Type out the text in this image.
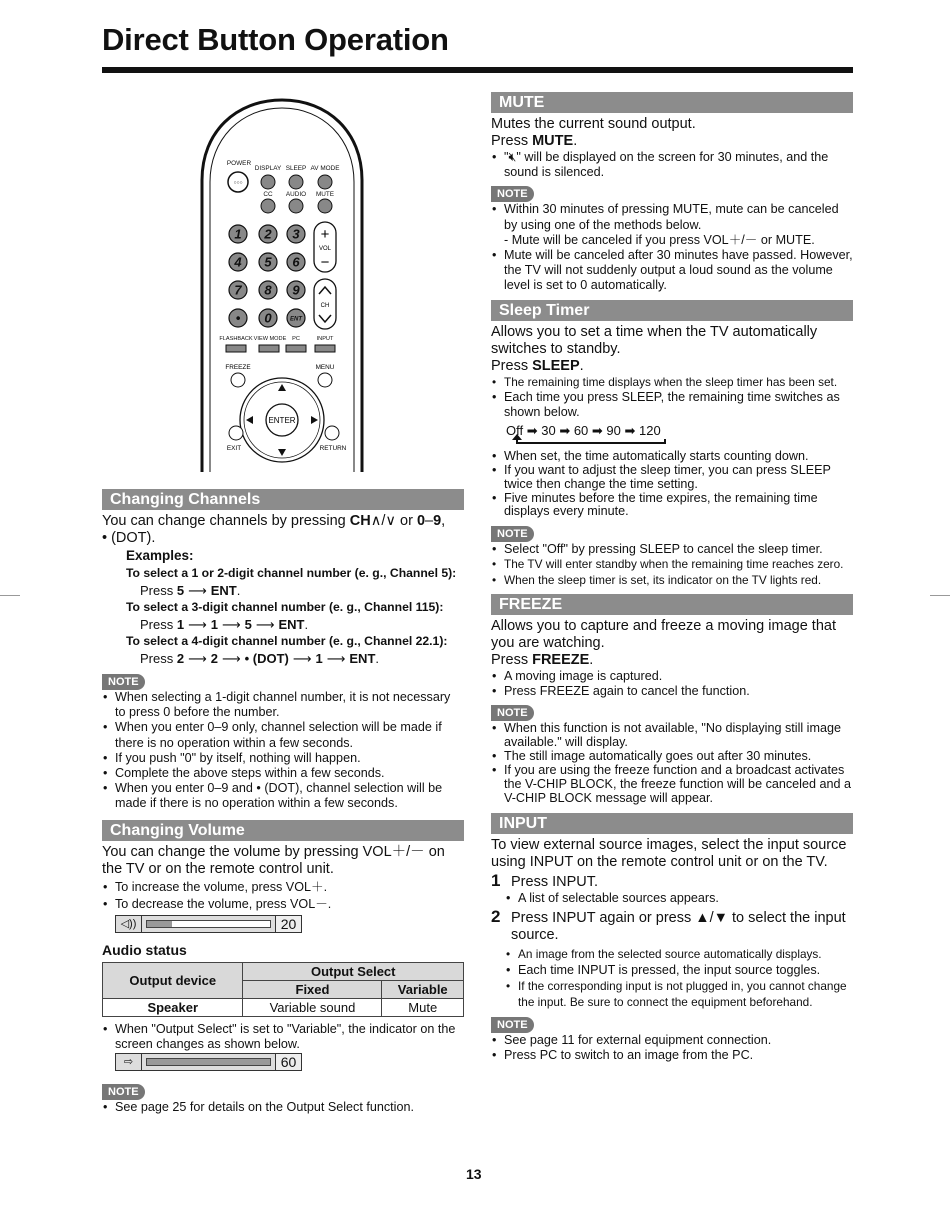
Direct Button Operation
POWER
DISPLAY SLEEP AV MODE
○○○
CC AUDIO MUTE
1 2 3
4 5 6
7 8 9
• 0	ENT
+
VOL
−
CH
FLASHBACK VIEW MODE PC	INPUT
FREEZE	MENU
ENTER
EXIT	RETURN
Changing Channels
You can change channels by pressing CH∧/∨ or 0–9,
• (DOT).
Examples:
To select a 1 or 2-digit channel number (e. g., Channel 5):
Press 5 ⟶ ENT.
To select a 3-digit channel number (e. g., Channel 115):
Press 1 ⟶ 1 ⟶ 5 ⟶ ENT.
To select a 4-digit channel number (e. g., Channel 22.1):
Press 2 ⟶ 2 ⟶ • (DOT) ⟶ 1 ⟶ ENT.
NOTE
• When selecting a 1-digit channel number, it is not necessary to press 0 before the number.
• When you enter 0–9 only, channel selection will be made if there is no operation within a few seconds.
• If you push "0" by itself, nothing will happen.
• Complete the above steps within a few seconds.
• When you enter 0–9 and • (DOT), channel selection will be made if there is no operation within a few seconds.
Changing Volume
You can change the volume by pressing VOL＋/－ on the TV or on the remote control unit.
• To increase the volume, press VOL＋.
• To decrease the volume, press VOL－.
◁))	20
Audio status
Output device	Output Select	
	Fixed	Variable
Speaker	Variable sound	Mute
• When "Output Select" is set to "Variable", the indicator on the screen changes as shown below.
⇨	60
NOTE
• See page 25 for details on the Output Select function.
MUTE
Mutes the current sound output.
Press MUTE.
• "🔇︎" will be displayed on the screen for 30 minutes, and the sound is silenced.
NOTE
• Within 30 minutes of pressing MUTE, mute can be canceled by using one of the methods below.
- Mute will be canceled if you press VOL＋/－ or MUTE.
• Mute will be canceled after 30 minutes have passed. However, the TV will not suddenly output a loud sound as the volume level is set to 0 automatically.
Sleep Timer
Allows you to set a time when the TV automatically switches to standby.
Press SLEEP.
• The remaining time displays when the sleep timer has been set.
• Each time you press SLEEP, the remaining time switches as shown below.
Off ➡ 30 ➡ 60 ➡ 90 ➡ 120
• When set, the time automatically starts counting down.
• If you want to adjust the sleep timer, you can press SLEEP twice then change the time setting.
• Five minutes before the time expires, the remaining time displays every minute.
NOTE
• Select "Off" by pressing SLEEP to cancel the sleep timer.
• The TV will enter standby when the remaining time reaches zero.
• When the sleep timer is set, its indicator on the TV lights red.
FREEZE
Allows you to capture and freeze a moving image that you are watching.
Press FREEZE.
• A moving image is captured.
• Press FREEZE again to cancel the function.
NOTE
• When this function is not available, "No displaying still image available." will display.
• The still image automatically goes out after 30 minutes.
• If you are using the freeze function and a broadcast activates the V-CHIP BLOCK, the freeze function will be canceled and a V-CHIP BLOCK message will appear.
INPUT
To view external source images, select the input source using INPUT on the remote control unit or on the TV.
1 Press INPUT.
• A list of selectable sources appears.
2 Press INPUT again or press ▲/▼ to select the input source.
• An image from the selected source automatically displays.
• Each time INPUT is pressed, the input source toggles.
• If the corresponding input is not plugged in, you cannot change the input. Be sure to connect the equipment beforehand.
NOTE
• See page 11 for external equipment connection.
• Press PC to switch to an image from the PC.
13
